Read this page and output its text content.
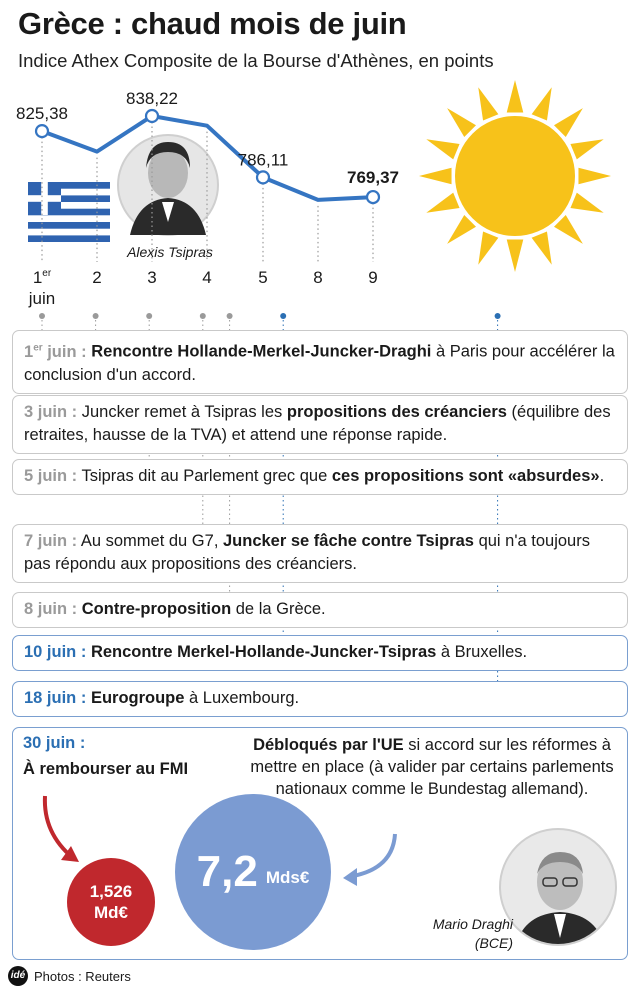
Grèce : chaud mois de juin
Indice Athex Composite de la Bourse d'Athènes, en points
Alexis Tsipras
825,38
838,22
786,11
769,37
1er
juin
2	3	4	5	8	9
1er juin : Rencontre Hollande-Merkel-Juncker-Draghi à Paris pour accélérer la conclusion d'un accord.
3 juin : Juncker remet à Tsipras les propositions des créanciers (équilibre des retraites, hausse de la TVA) et attend une réponse rapide.
5 juin : Tsipras dit au Parlement grec que ces propositions sont «absurdes».
7 juin : Au sommet du G7, Juncker se fâche contre Tsipras qui n'a toujours pas répondu aux propositions des créanciers.
8 juin : Contre-proposition de la Grèce.
10 juin : Rencontre Merkel-Hollande-Juncker-Tsipras à Bruxelles.
18 juin : Eurogroupe à Luxembourg.
30 juin :
À rembourser au FMI
Débloqués par l'UE si accord sur les réformes à mettre en place (à valider par certains parlements nationaux comme le Bundestag allemand).
1,526
Md€
7,2 Mds€
Mario Draghi
(BCE)
idé Photos : Reuters
